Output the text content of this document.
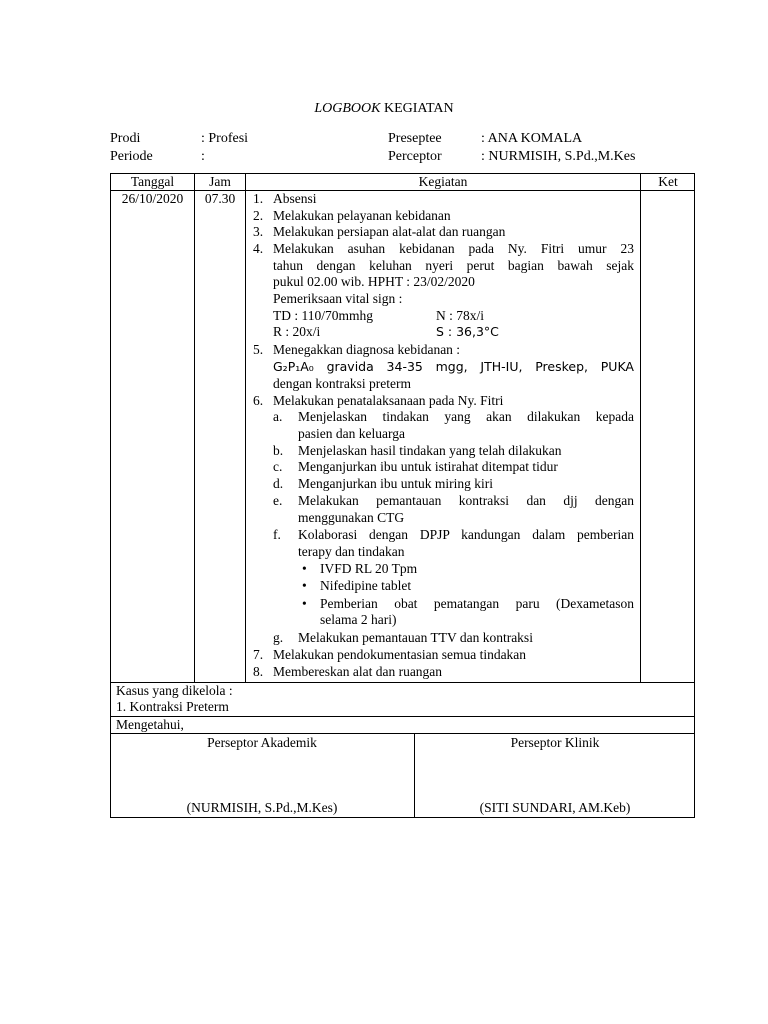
LOGBOOK KEGIATAN
Prodi	: Profesi
Periode	:
Preseptee	: ANA KOMALA
Perceptor	: NURMISIH, S.Pd.,M.Kes
Tanggal	Jam	Kegiatan	Ket
26/10/2020	07.30	1. Absensi
2. Melakukan pelayanan kebidanan
3. Melakukan persiapan alat-alat dan ruangan
4. Melakukan asuhan kebidanan pada Ny. Fitri umur 23
tahun dengan keluhan nyeri perut bagian bawah sejak
pukul 02.00 wib. HPHT : 23/02/2020
Pemeriksaan vital sign :
TD : 110/70mmhg	N : 78x/i
R : 20x/i	S : 36,3°C
5. Menegakkan diagnosa kebidanan :
G₂P₁A₀ gravida 34-35 mgg, JTH-IU, Preskep, PUKA
dengan kontraksi preterm
6. Melakukan penatalaksanaan pada Ny. Fitri
a. Menjelaskan tindakan yang akan dilakukan kepada
pasien dan keluarga
b. Menjelaskan hasil tindakan yang telah dilakukan
c. Menganjurkan ibu untuk istirahat ditempat tidur
d. Menganjurkan ibu untuk miring kiri
e. Melakukan pemantauan kontraksi dan djj dengan
menggunakan CTG
f. Kolaborasi dengan DPJP kandungan dalam pemberian
terapy dan tindakan
• IVFD RL 20 Tpm
• Nifedipine tablet
• Pemberian obat pematangan paru (Dexametason
selama 2 hari)
g. Melakukan pemantauan TTV dan kontraksi
7. Melakukan pendokumentasian semua tindakan
8. Membereskan alat dan ruangan
Kasus yang dikelola :
1. Kontraksi Preterm
Mengetahui,
Perseptor Akademik	Perseptor Klinik
(NURMISIH, S.Pd.,M.Kes)	(SITI SUNDARI, AM.Keb)
